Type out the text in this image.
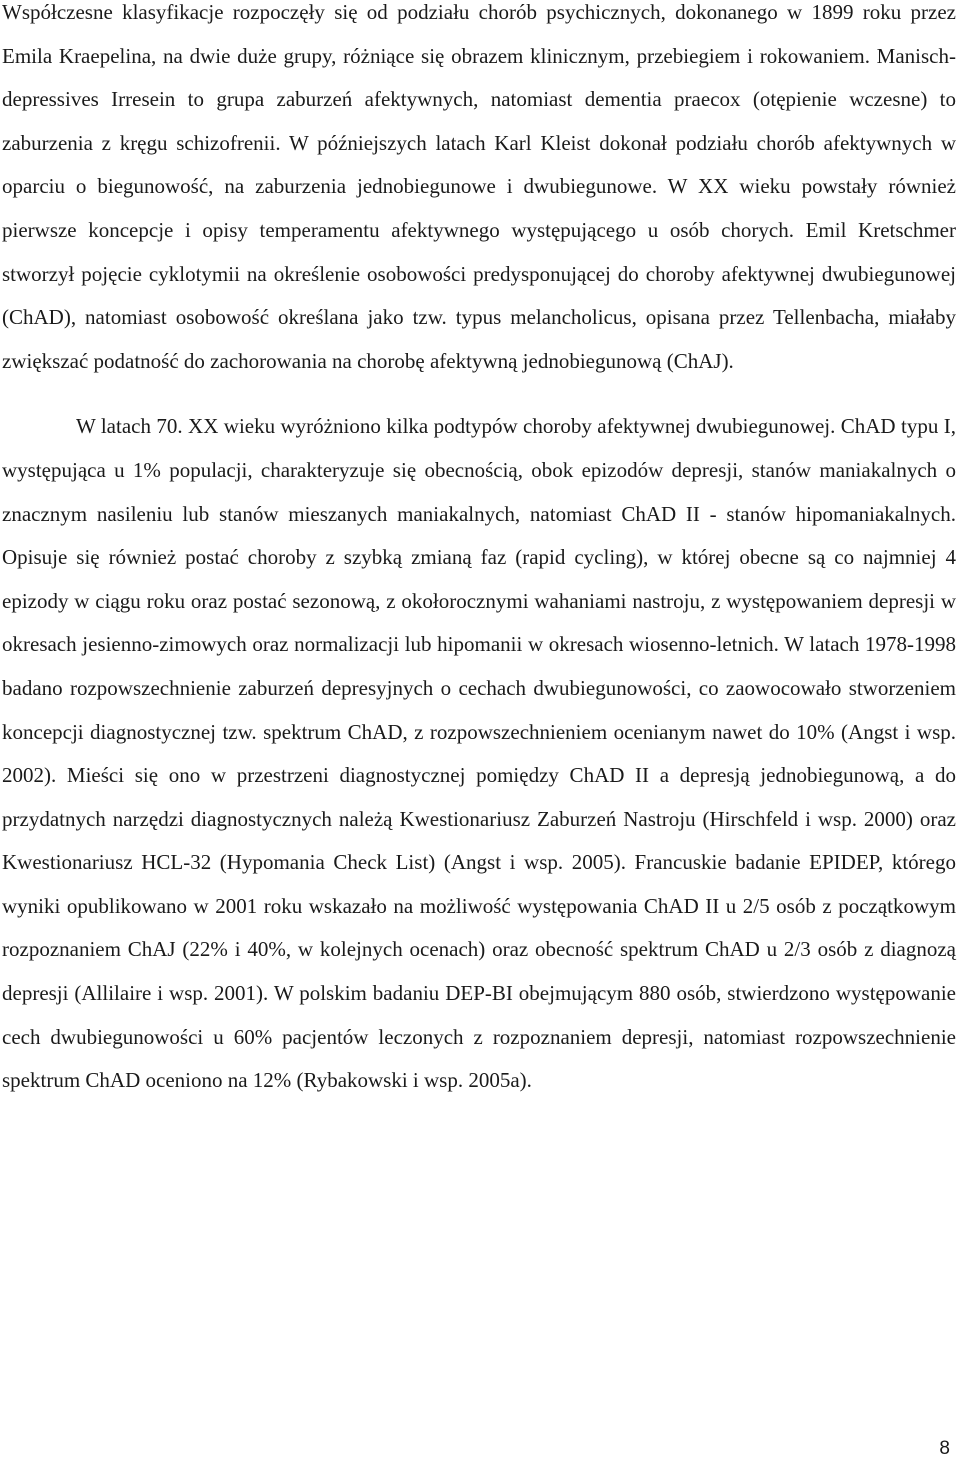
Współczesne klasyfikacje rozpoczęły się od podziału chorób psychicznych, dokonanego w 1899 roku przez Emila Kraepelina, na dwie duże grupy, różniące się obrazem klinicznym, przebiegiem i rokowaniem. Manisch-depressives Irresein to grupa zaburzeń afektywnych, natomiast dementia praecox (otępienie wczesne) to zaburzenia z kręgu schizofrenii. W późniejszych latach Karl Kleist dokonał podziału chorób afektywnych w oparciu o biegunowość, na zaburzenia jednobiegunowe i dwubiegunowe. W XX wieku powstały również pierwsze koncepcje i opisy temperamentu afektywnego występującego u osób chorych. Emil Kretschmer stworzył pojęcie cyklotymii na określenie osobowości predysponującej do choroby afektywnej dwubiegunowej (ChAD), natomiast osobowość określana jako tzw. typus melancholicus, opisana przez Tellenbacha, miałaby zwiększać podatność do zachorowania na chorobę afektywną jednobiegunową (ChAJ).

W latach 70. XX wieku wyróżniono kilka podtypów choroby afektywnej dwubiegunowej. ChAD typu I, występująca u 1% populacji, charakteryzuje się obecnością, obok epizodów depresji, stanów maniakalnych o znacznym nasileniu lub stanów mieszanych maniakalnych, natomiast ChAD II - stanów hipomaniakalnych. Opisuje się również postać choroby z szybką zmianą faz (rapid cycling), w której obecne są co najmniej 4 epizody w ciągu roku oraz postać sezonową, z okołorocznymi wahaniami nastroju, z występowaniem depresji w okresach jesienno-zimowych oraz normalizacji lub hipomanii w okresach wiosenno-letnich. W latach 1978-1998 badano rozpowszechnienie zaburzeń depresyjnych o cechach dwubiegunowości, co zaowocowało stworzeniem koncepcji diagnostycznej tzw. spektrum ChAD, z rozpowszechnieniem ocenianym nawet do 10% (Angst i wsp. 2002). Mieści się ono w przestrzeni diagnostycznej pomiędzy ChAD II a depresją jednobiegunową, a do przydatnych narzędzi diagnostycznych należą Kwestionariusz Zaburzeń Nastroju (Hirschfeld i wsp. 2000) oraz Kwestionariusz HCL-32 (Hypomania Check List) (Angst i wsp. 2005). Francuskie badanie EPIDEP, którego wyniki opublikowano w 2001 roku wskazało na możliwość występowania ChAD II u 2/5 osób z początkowym rozpoznaniem ChAJ (22% i 40%, w kolejnych ocenach) oraz obecność spektrum ChAD u 2/3 osób z diagnozą depresji (Allilaire i wsp. 2001). W polskim badaniu DEP-BI obejmującym 880 osób, stwierdzono występowanie cech dwubiegunowości u 60% pacjentów leczonych z rozpoznaniem depresji, natomiast rozpowszechnienie spektrum ChAD oceniono na 12% (Rybakowski i wsp. 2005a).

8
